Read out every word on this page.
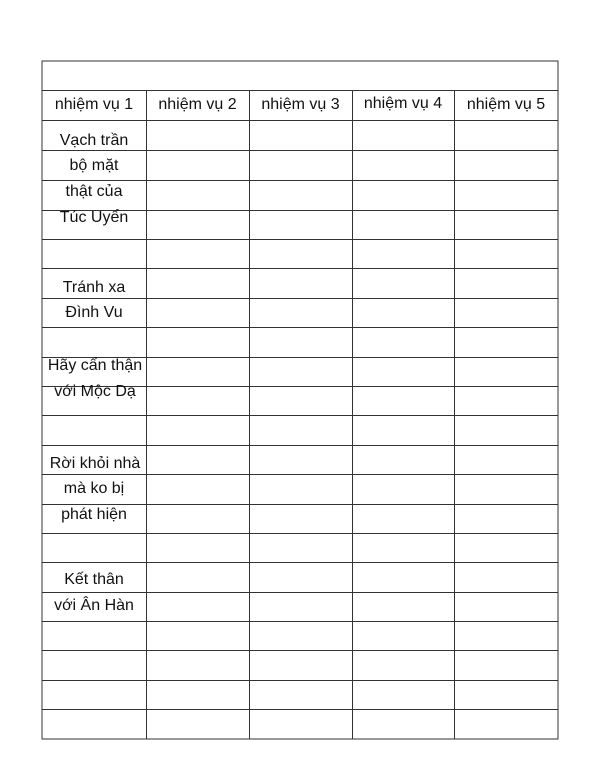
nhiệm vụ 1	nhiệm vụ 2	nhiệm vụ 3	nhiệm vụ 4	nhiệm vụ 5
Vạch trần
bộ mặt
thật của
Túc Uyển
Tránh xa
Đình Vu
Hãy cẩn thận
với Mộc Dạ
Rời khỏi nhà
mà ko bị
phát hiện
Kết thân
với Ân Hàn
